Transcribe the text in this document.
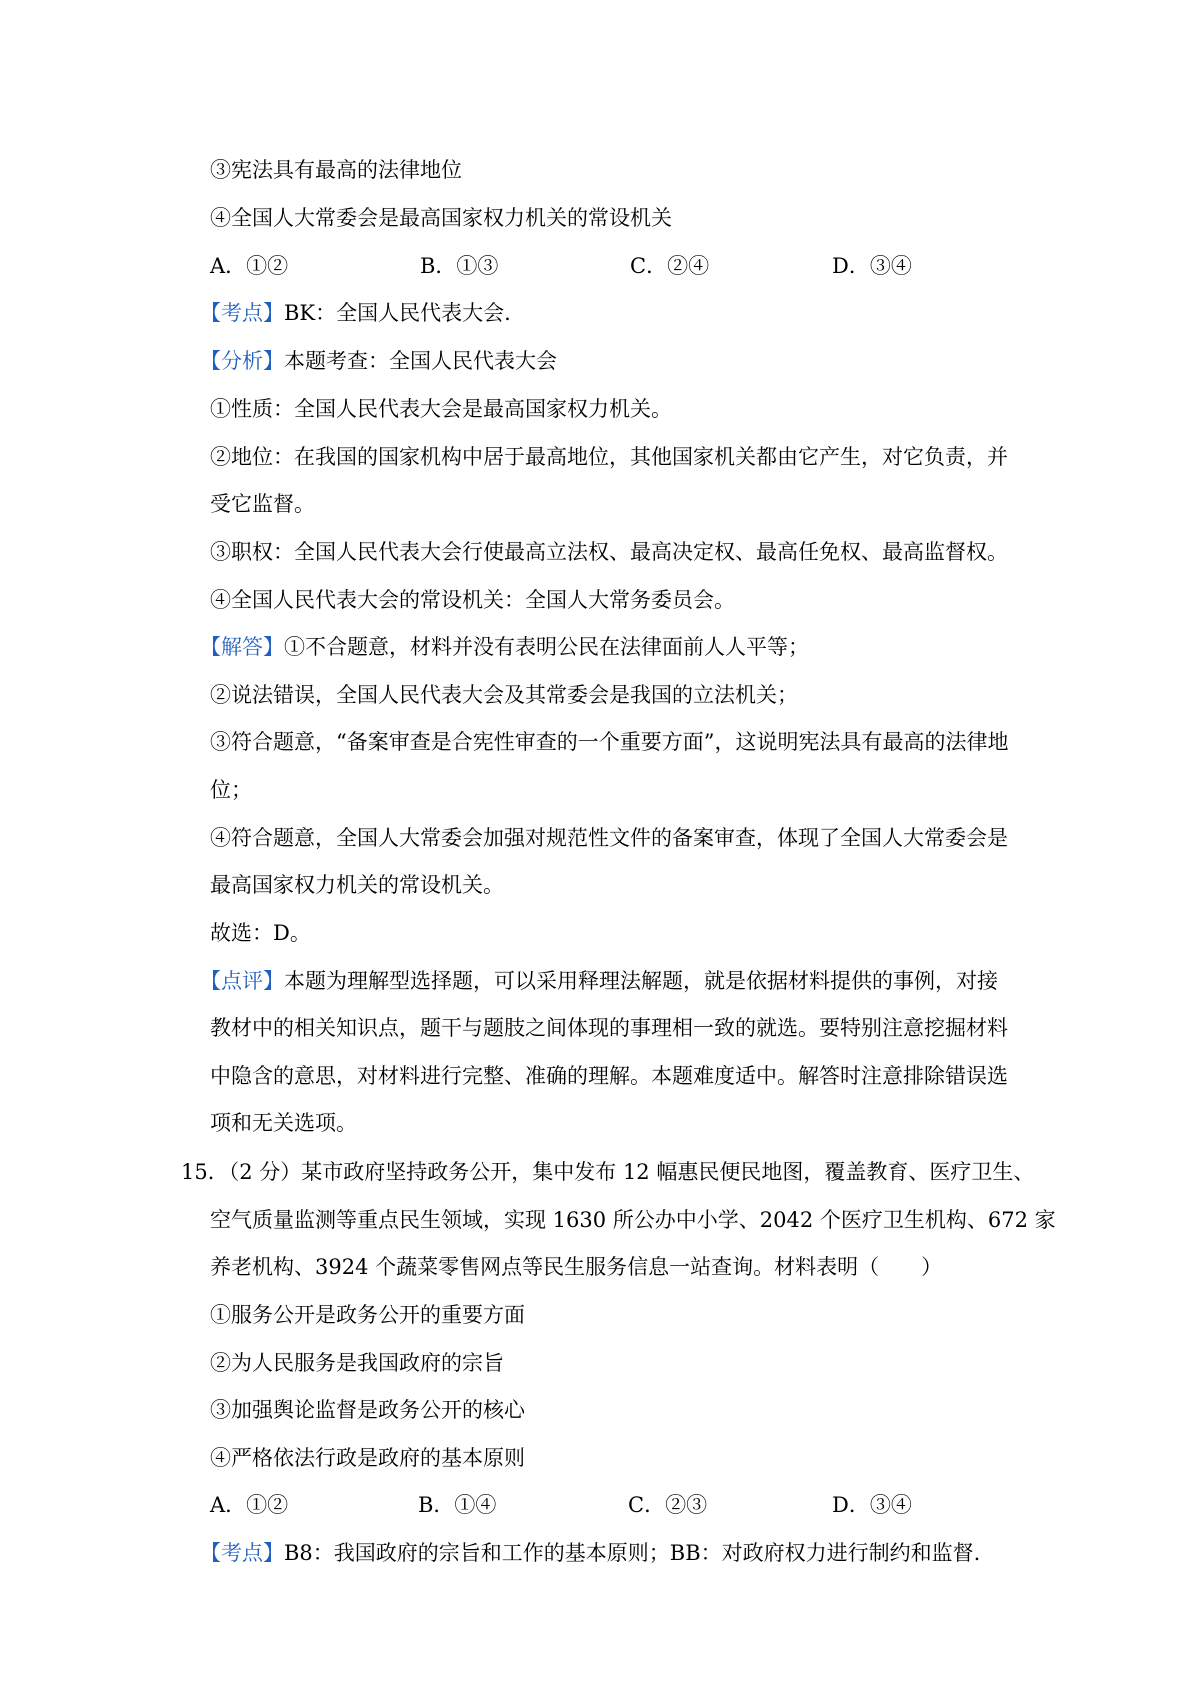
③宪法具有最高的法律地位
④全国人大常委会是最高国家权力机关的常设机关
A．①②	B．①③	C．②④	D．③④
【考点】BK：全国人民代表大会.
【分析】本题考查：全国人民代表大会
①性质：全国人民代表大会是最高国家权力机关。
②地位：在我国的国家机构中居于最高地位，其他国家机关都由它产生，对它负责，并
受它监督。
③职权：全国人民代表大会行使最高立法权、最高决定权、最高任免权、最高监督权。
④全国人民代表大会的常设机关：全国人大常务委员会。
【解答】①不合题意，材料并没有表明公民在法律面前人人平等；
②说法错误，全国人民代表大会及其常委会是我国的立法机关；
③符合题意，“备案审查是合宪性审查的一个重要方面”，这说明宪法具有最高的法律地
位；
④符合题意，全国人大常委会加强对规范性文件的备案审查，体现了全国人大常委会是
最高国家权力机关的常设机关。
故选：D。
【点评】本题为理解型选择题，可以采用释理法解题，就是依据材料提供的事例，对接
教材中的相关知识点，题干与题肢之间体现的事理相一致的就选。要特别注意挖掘材料
中隐含的意思，对材料进行完整、准确的理解。本题难度适中。解答时注意排除错误选
项和无关选项。
15．（2 分）某市政府坚持政务公开，集中发布 12 幅惠民便民地图，覆盖教育、医疗卫生、
空气质量监测等重点民生领域，实现 1630 所公办中小学、2042 个医疗卫生机构、672 家
养老机构、3924 个蔬菜零售网点等民生服务信息一站查询。材料表明（　　）
①服务公开是政务公开的重要方面
②为人民服务是我国政府的宗旨
③加强舆论监督是政务公开的核心
④严格依法行政是政府的基本原则
A．①②	B．①④	C．②③	D．③④
【考点】B8：我国政府的宗旨和工作的基本原则；BB：对政府权力进行制约和监督.
